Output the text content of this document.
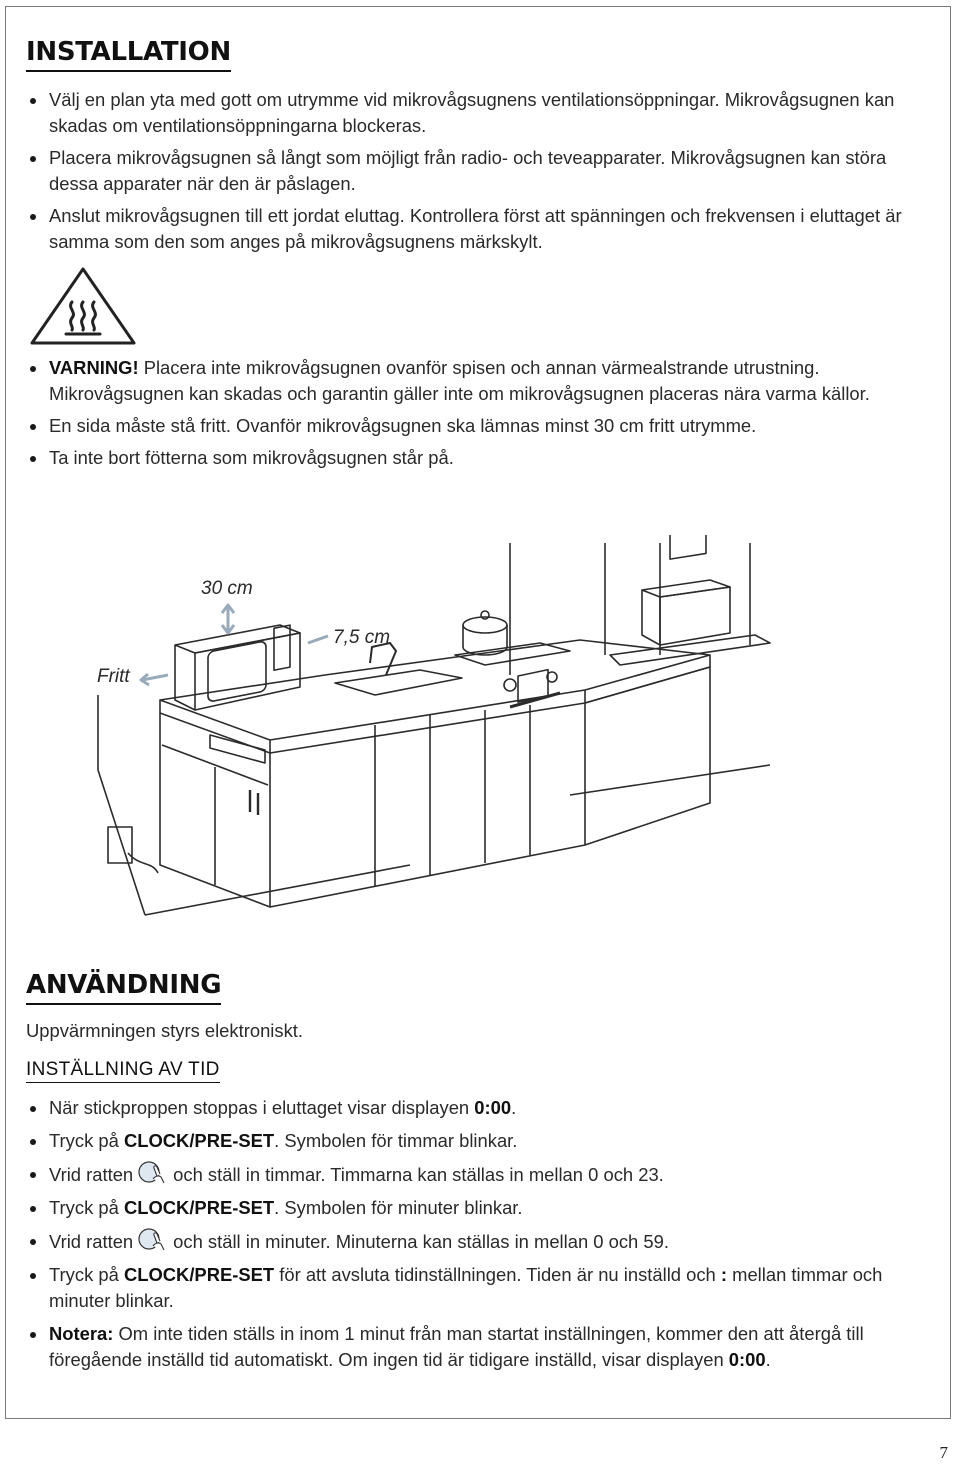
INSTALLATION
Välj en plan yta med gott om utrymme vid mikrovågsugnens ventilationsöppningar. Mikrovågsugnen kan skadas om ventilationsöppningarna blockeras.
Placera mikrovågsugnen så långt som möjligt från radio- och teveapparater. Mikrovågsugnen kan störa dessa apparater när den är påslagen.
Anslut mikrovågsugnen till ett jordat eluttag. Kontrollera först att spänningen och frekvensen i eluttaget är samma som den som anges på mikrovågsugnens märkskylt.
VARNING! Placera inte mikrovågsugnen ovanför spisen och annan värmealstrande utrustning. Mikrovågsugnen kan skadas och garantin gäller inte om mikrovågsugnen placeras nära varma källor.
En sida måste stå fritt. Ovanför mikrovågsugnen ska lämnas minst 30 cm fritt utrymme.
Ta inte bort fötterna som mikrovågsugnen står på.
30 cm
7,5 cm
Fritt
ANVÄNDNING
Uppvärmningen styrs elektroniskt.
INSTÄLLNING AV TID
När stickproppen stoppas i eluttaget visar displayen 0:00.
Tryck på CLOCK/PRE-SET. Symbolen för timmar blinkar.
Vrid ratten och ställ in timmar. Timmarna kan ställas in mellan 0 och 23.
Tryck på CLOCK/PRE-SET. Symbolen för minuter blinkar.
Vrid ratten och ställ in minuter. Minuterna kan ställas in mellan 0 och 59.
Tryck på CLOCK/PRE-SET för att avsluta tidinställningen. Tiden är nu inställd och : mellan timmar och minuter blinkar.
Notera: Om inte tiden ställs in inom 1 minut från man startat inställningen, kommer den att återgå till föregående inställd tid automatiskt. Om ingen tid är tidigare inställd, visar displayen 0:00.
7
